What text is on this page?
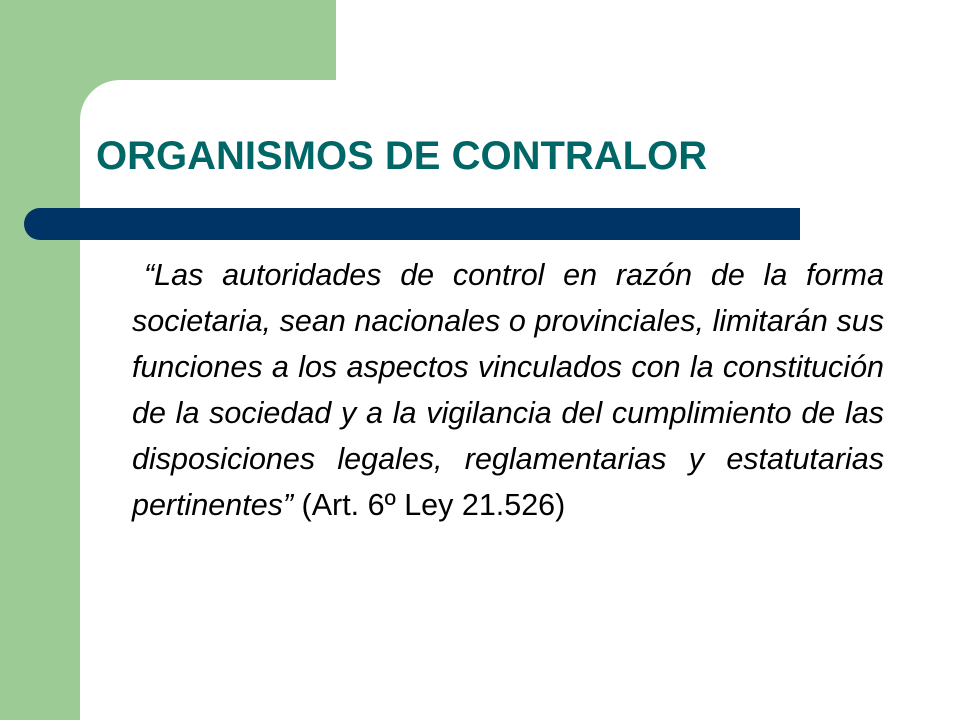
ORGANISMOS DE CONTRALOR

“Las autoridades de control en razón de la forma societaria, sean nacionales o provinciales, limitarán sus funciones a los aspectos vinculados con la constitución de la sociedad y a la vigilancia del cumplimiento de las disposiciones legales, reglamentarias y estatutarias pertinentes” (Art. 6º Ley 21.526)
